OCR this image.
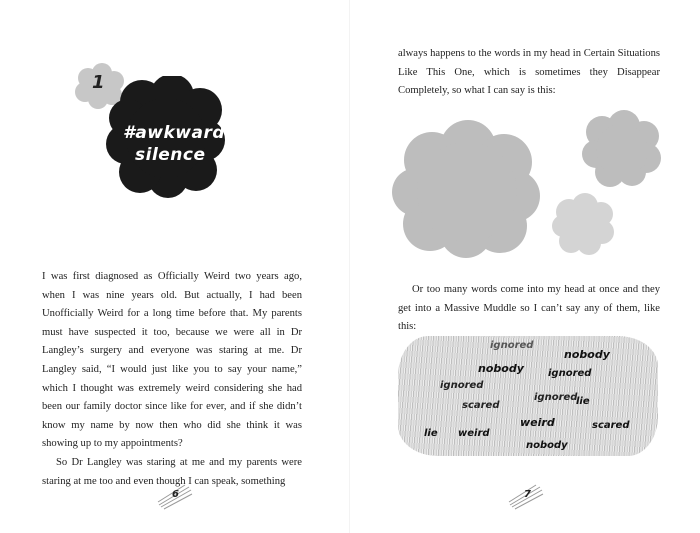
1
#awkward
silence

I was first diagnosed as Officially Weird two years ago, when I was nine years old. But actually, I had been Unofficially Weird for a long time before that. My parents must have suspected it too, because we were all in Dr Langley’s surgery and everyone was staring at me. Dr Langley said, “I would just like you to say your name,” which I thought was extremely weird considering she had been our family doctor since like for ever, and if she didn’t know my name by now then who did she think it was showing up to my appointments?

So Dr Langley was staring at me and my parents were staring at me too and even though I can speak, something

6

always happens to the words in my head in Certain Situations Like This One, which is sometimes they Disappear Completely, so what I can say is this:

Or too many words come into my head at once and they get into a Massive Muddle so I can’t say any of them, like this:

ignored
nobody
nobody ignored
ignored
ignored
lie
scared
weird	scared
lie weird
nobody
7
